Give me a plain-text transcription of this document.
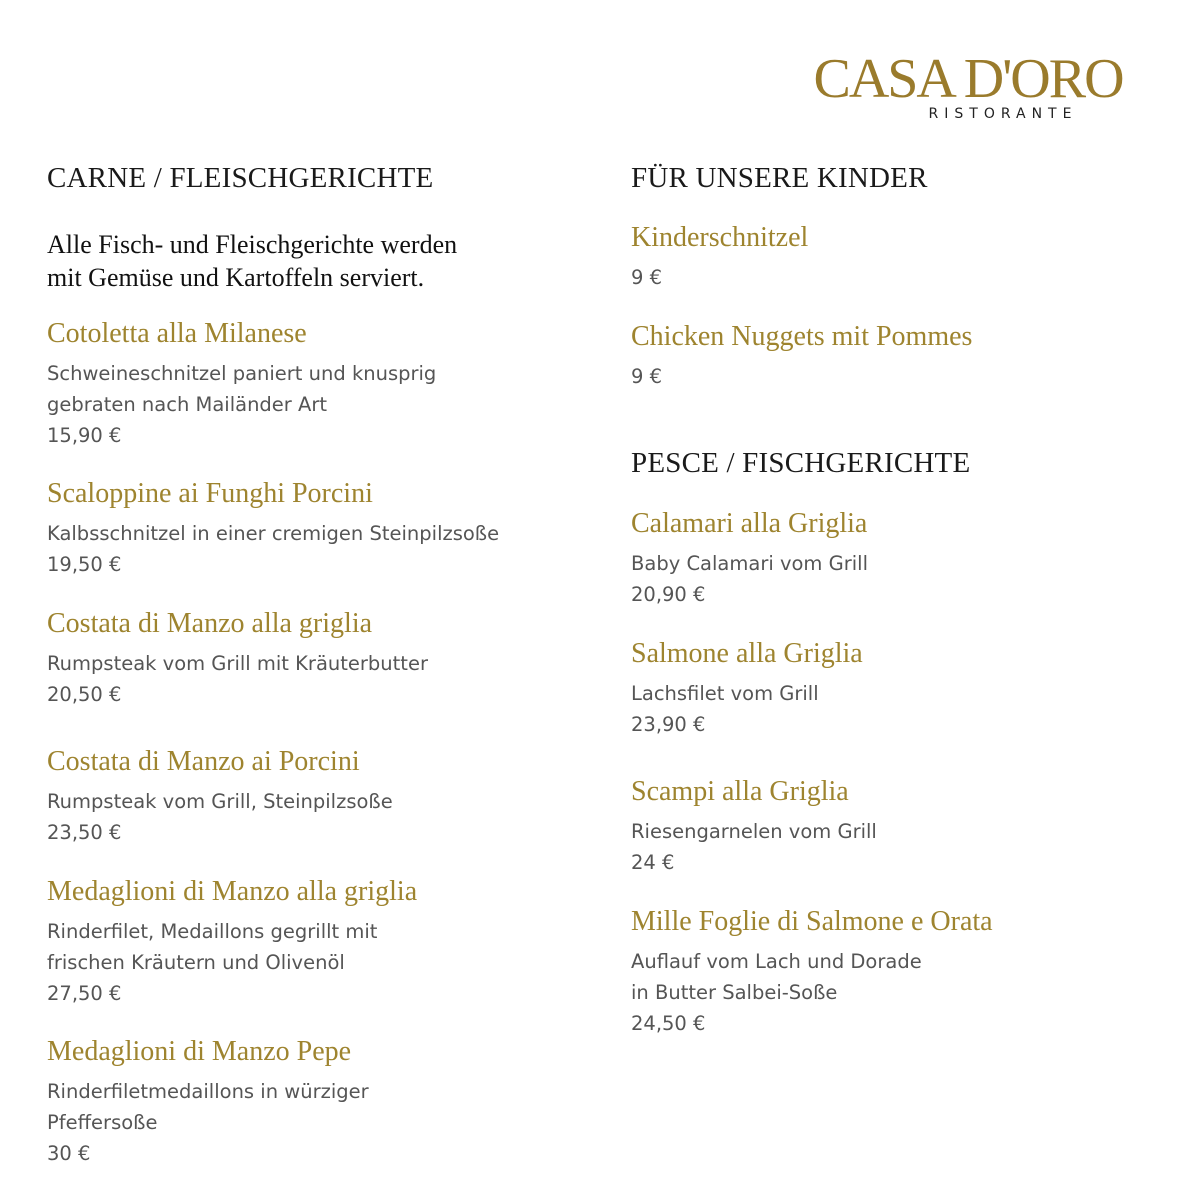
CASA D'ORO
RISTORANTE
CARNE / FLEISCHGERICHTE
Alle Fisch- und Fleischgerichte werden
mit Gemüse und Kartoffeln serviert.
Cotoletta alla Milanese
Schweineschnitzel paniert und knusprig
gebraten nach Mailänder Art
15,90 €
Scaloppine ai Funghi Porcini
Kalbsschnitzel in einer cremigen Steinpilzsoße
19,50 €
Costata di Manzo alla griglia
Rumpsteak vom Grill mit Kräuterbutter
20,50 €
Costata di Manzo ai Porcini
Rumpsteak vom Grill, Steinpilzsoße
23,50 €
Medaglioni di Manzo alla griglia
Rinderfilet, Medaillons gegrillt mit
frischen Kräutern und Olivenöl
27,50 €
Medaglioni di Manzo Pepe
Rinderfiletmedaillons in würziger
Pfeffersoße
30 €
FÜR UNSERE KINDER
Kinderschnitzel
9 €
Chicken Nuggets mit Pommes
9 €
PESCE / FISCHGERICHTE
Calamari alla Griglia
Baby Calamari vom Grill
20,90 €
Salmone alla Griglia
Lachsfilet vom Grill
23,90 €
Scampi alla Griglia
Riesengarnelen vom Grill
24 €
Mille Foglie di Salmone e Orata
Auflauf vom Lach und Dorade
in Butter Salbei-Soße
24,50 €
